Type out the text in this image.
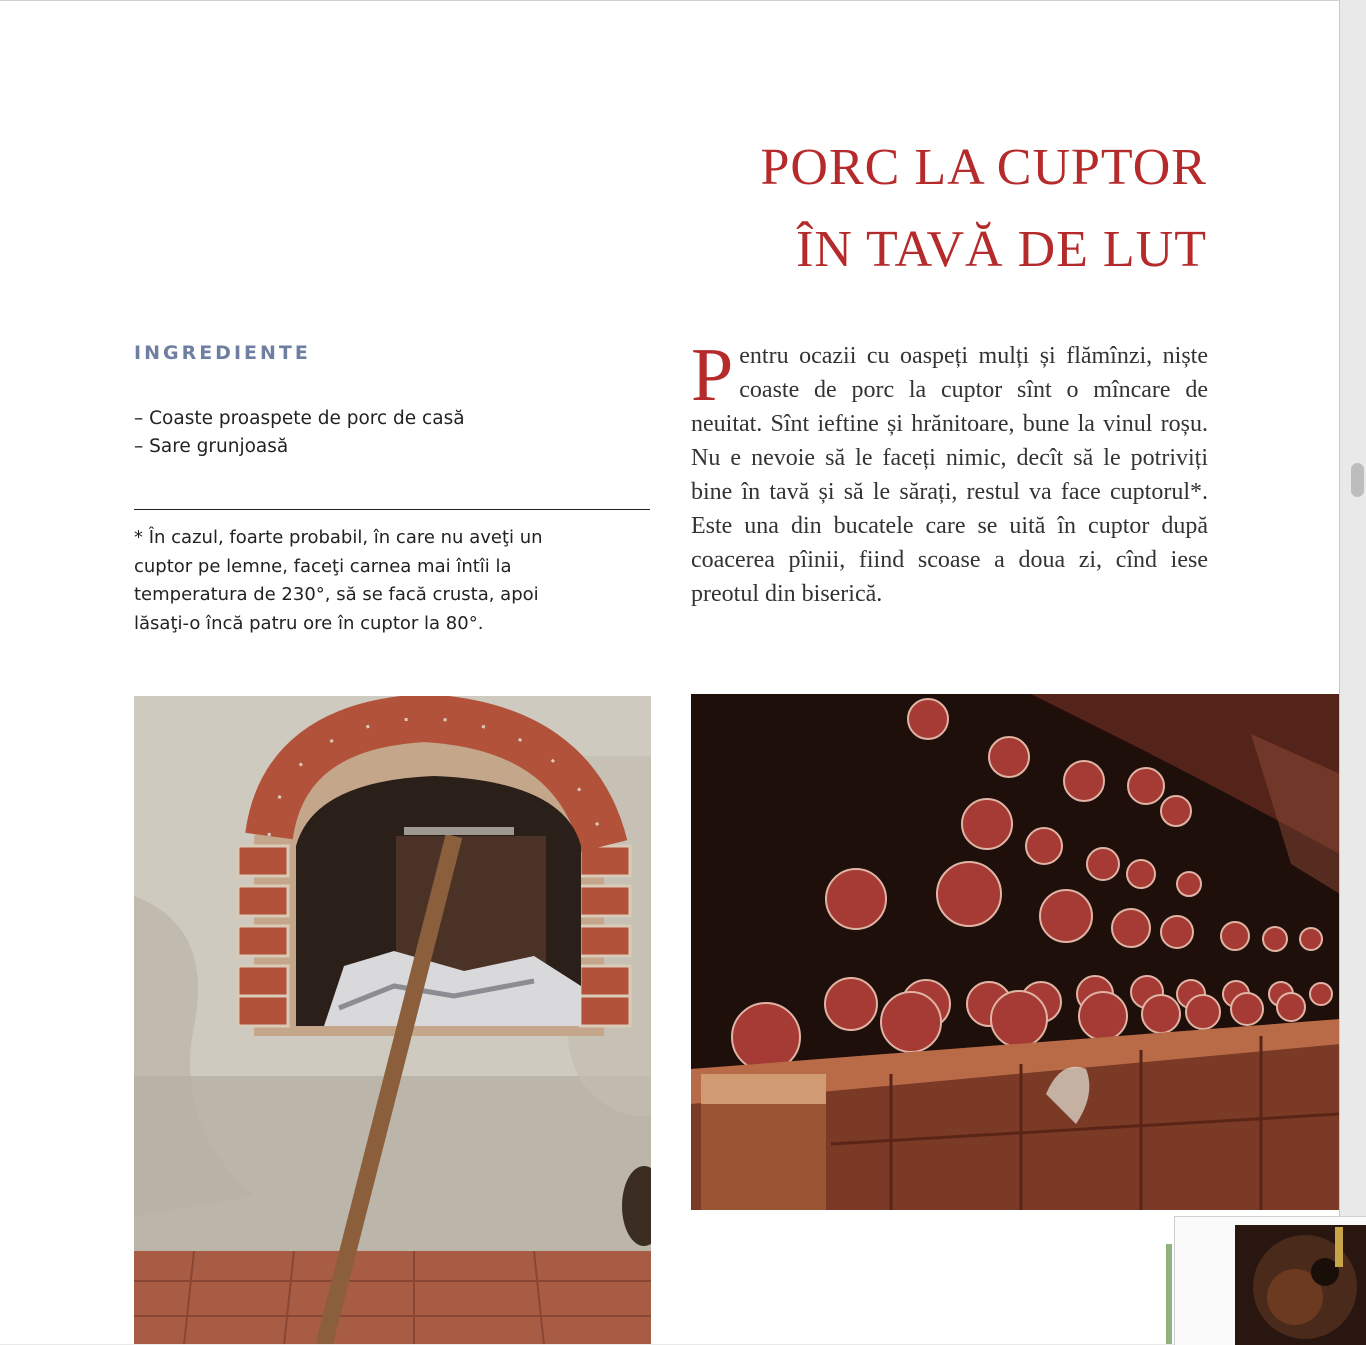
PORC LA CUPTOR
ÎN TAVĂ DE LUT
INGREDIENTE
– Coaste proaspete de porc de casă
– Sare grunjoasă

* În cazul, foarte probabil, în care nu aveţi un cuptor pe lemne, faceţi carnea mai întîi la temperatura de 230°, să se facă crusta, apoi lăsaţi-o încă patru ore în cuptor la 80°.

Pentru ocazii cu oaspeți mulți și flămînzi, niște coaste de porc la cuptor sînt o mîncare de neuitat. Sînt ieftine și hrănitoare, bune la vinul roșu. Nu e nevoie să le faceți nimic, decît să le potriviți bine în tavă și să le sărați, restul va face cuptorul*. Este una din bucatele care se uită în cuptor după coacerea pîinii, fiind scoase a doua zi, cînd iese preotul din biserică.
